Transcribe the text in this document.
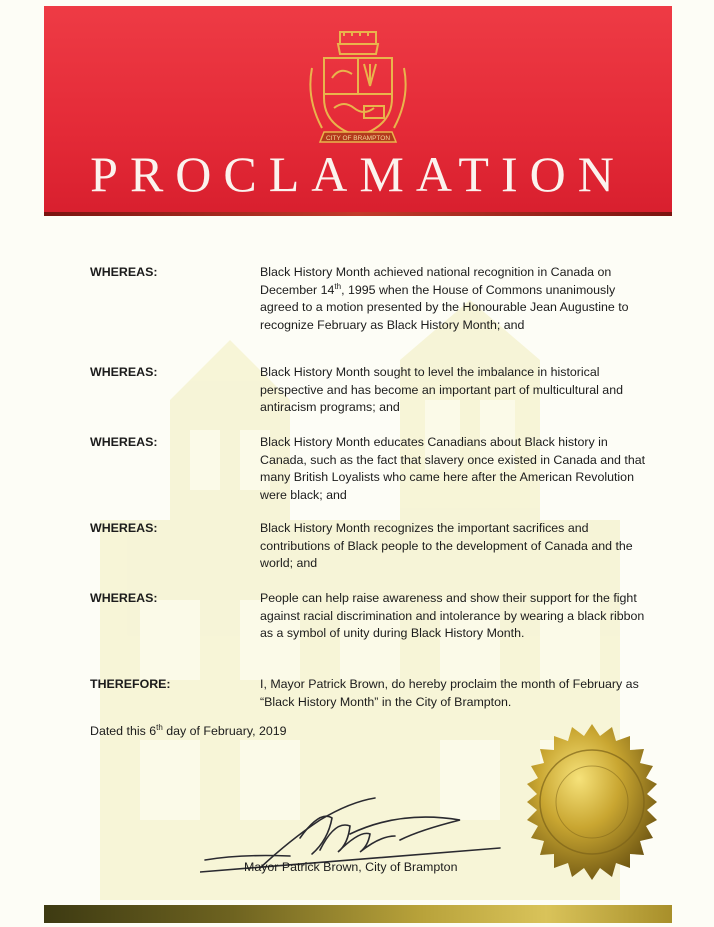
CITY OF BRAMPTON
PROCLAMATION
WHEREAS:	Black History Month achieved national recognition in Canada on December 14th, 1995 when the House of Commons unanimously agreed to a motion presented by the Honourable Jean Augustine to recognize February as Black History Month; and
WHEREAS:	Black History Month sought to level the imbalance in historical perspective and has become an important part of multicultural and antiracism programs; and
WHEREAS:	Black History Month educates Canadians about Black history in Canada, such as the fact that slavery once existed in Canada and that many British Loyalists who came here after the American Revolution were black; and
WHEREAS:	Black History Month recognizes the important sacrifices and contributions of Black people to the development of Canada and the world; and
WHEREAS:	People can help raise awareness and show their support for the fight against racial discrimination and intolerance by wearing a black ribbon as a symbol of unity during Black History Month.
THEREFORE:	I, Mayor Patrick Brown, do hereby proclaim the month of February as “Black History Month” in the City of Brampton.
Dated this 6th day of February, 2019
Mayor Patrick Brown, City of Brampton
